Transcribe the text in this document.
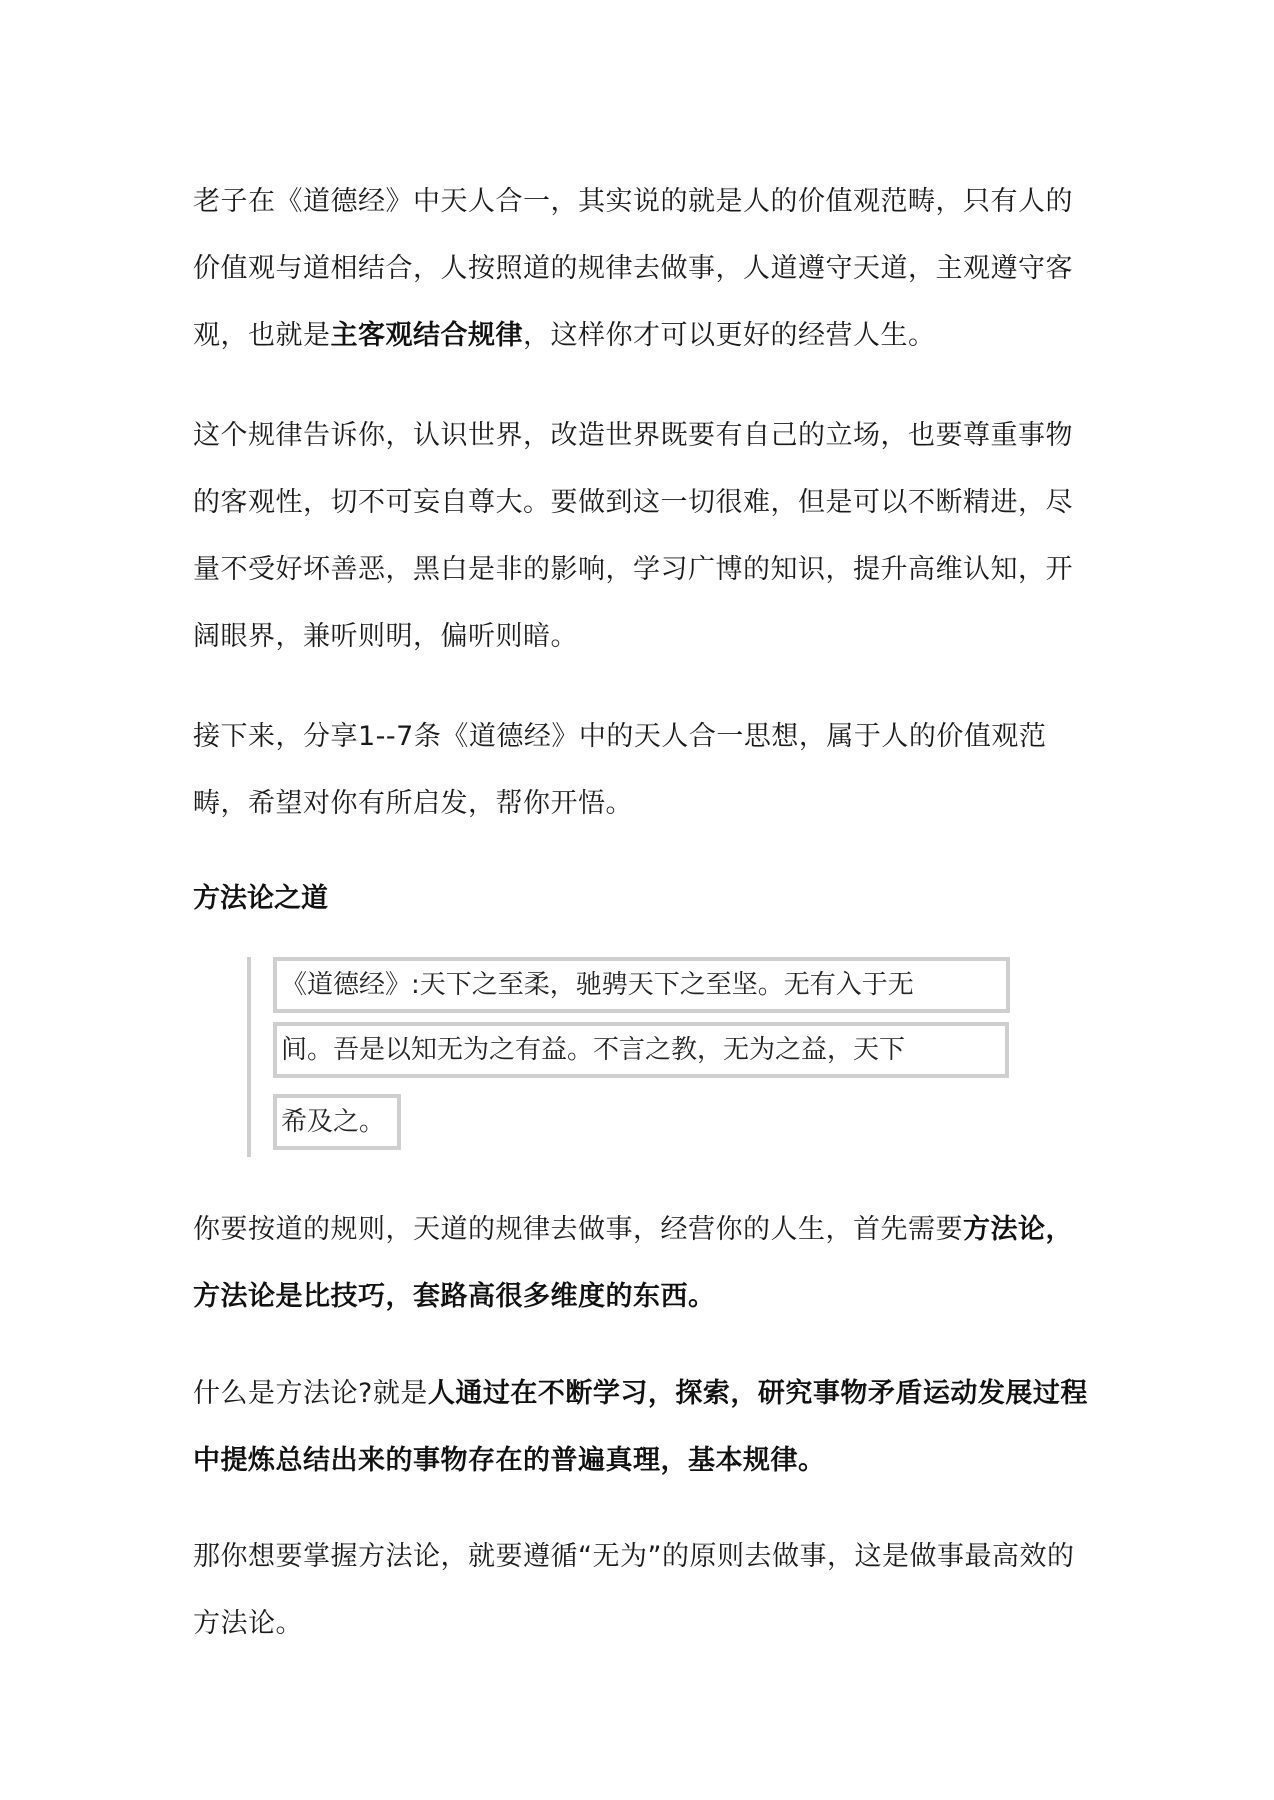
老子在《道德经》中天人合一，其实说的就是人的价值观范畴，只有人的价值观与道相结合，人按照道的规律去做事，人道遵守天道，主观遵守客观，也就是主客观结合规律，这样你才可以更好的经营人生。

这个规律告诉你，认识世界，改造世界既要有自己的立场，也要尊重事物的客观性，切不可妄自尊大。要做到这一切很难，但是可以不断精进，尽量不受好坏善恶，黑白是非的影响，学习广博的知识，提升高维认知，开阔眼界，兼听则明，偏听则暗。

接下来，分享1--7条《道德经》中的天人合一思想，属于人的价值观范畴，希望对你有所启发，帮你开悟。

方法论之道
《道德经》:天下之至柔，驰骋天下之至坚。无有入于无
间。吾是以知无为之有益。不言之教，无为之益，天下
希及之。

你要按道的规则，天道的规律去做事，经营你的人生，首先需要方法论，方法论是比技巧，套路高很多维度的东西。

什么是方法论?就是人通过在不断学习，探索，研究事物矛盾运动发展过程中提炼总结出来的事物存在的普遍真理，基本规律。

那你想要掌握方法论，就要遵循“无为”的原则去做事，这是做事最高效的方法论。
